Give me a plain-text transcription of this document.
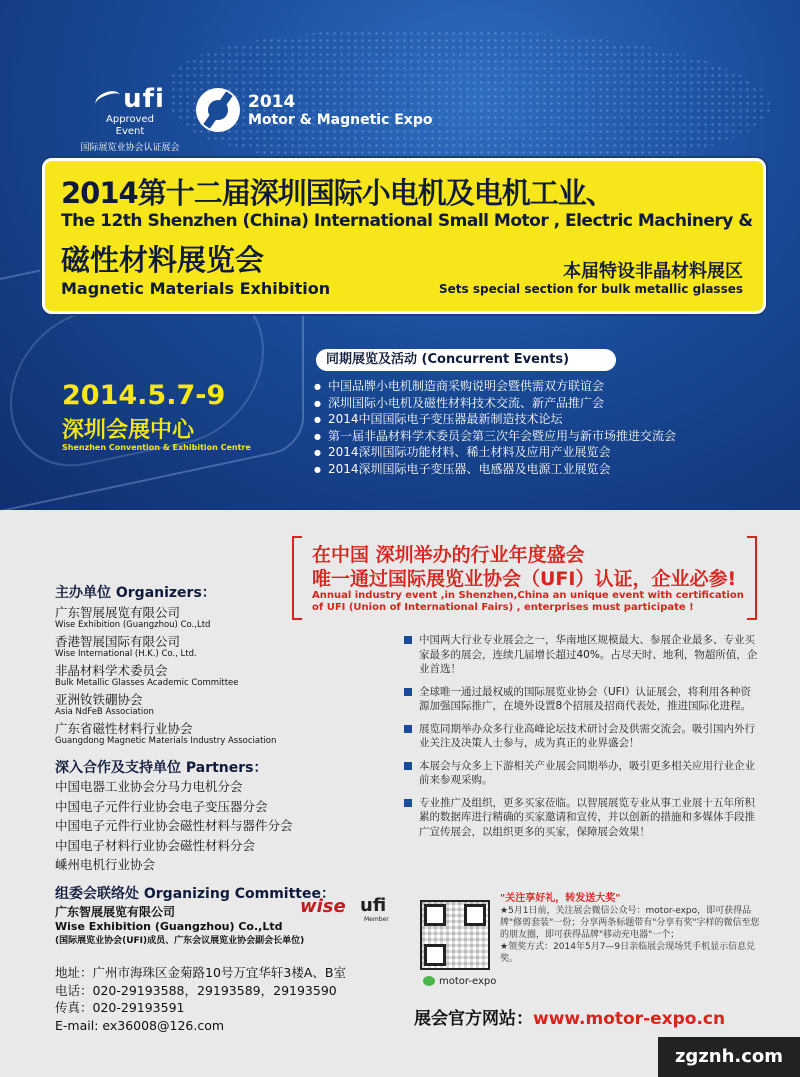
ufi
Approved
Event
国际展览业协会认证展会
2014
Motor & Magnetic Expo
2014第十二届深圳国际小电机及电机工业、
The 12th Shenzhen (China) International Small Motor , Electric Machinery &
磁性材料展览会
Magnetic Materials Exhibition
本届特设非晶材料展区
Sets special section for bulk metallic glasses
2014.5.7-9
深圳会展中心
Shenzhen Convention & Exhibition Centre
同期展览及活动 (Concurrent Events)
● 中国品牌小电机制造商采购说明会暨供需双方联谊会
● 深圳国际小电机及磁性材料技术交流、新产品推广会
● 2014中国国际电子变压器最新制造技术论坛
● 第一届非晶材料学术委员会第三次年会暨应用与新市场推进交流会
● 2014深圳国际功能材料、稀土材料及应用产业展览会
● 2014深圳国际电子变压器、电感器及电源工业展览会
在中国 深圳举办的行业年度盛会
唯一通过国际展览业协会（UFI）认证，企业必参!
Annual industry event ,in Shenzhen,China an unique event with certification
of UFI (Union of International Fairs) , enterprises must participate !
主办单位 Organizers：
广东智展展览有限公司
Wise Exhibition (Guangzhou) Co.,Ltd
香港智展国际有限公司
Wise International (H.K.) Co., Ltd.
非晶材料学术委员会
Bulk Metallic Glasses Academic Committee
亚洲钕铁硼协会
Asia NdFeB Association
广东省磁性材料行业协会
Guangdong Magnetic Materials Industry Association
深入合作及支持单位 Partners：
中国电器工业协会分马力电机分会
中国电子元件行业协会电子变压器分会
中国电子元件行业协会磁性材料与器件分会
中国电子材料行业协会磁性材料分会
嵊州电机行业协会
组委会联络处 Organizing Committee：
广东智展展览有限公司
Wise Exhibition (Guangzhou) Co.,Ltd
(国际展览业协会(UFI)成员、广东会议展览业协会副会长单位)
wise ufi
Member
地址：广州市海珠区金菊路10号万宜华轩3楼A、B室
电话：020-29193588，29193589，29193590
传真：020-29193591
E-mail: ex36008@126.com
中国两大行业专业展会之一，华南地区规模最大、参展企业最多、专业买家最多的展会，连续几届增长超过40%。占尽天时、地利，物超所值，企业首选！
全球唯一通过最权威的国际展览业协会（UFI）认证展会，将利用各种资源加强国际推广，在境外设置8个招展及招商代表处，推进国际化进程。
展览同期举办众多行业高峰论坛技术研讨会及供需交流会。吸引国内外行业关注及决策人士参与，成为真正的业界盛会！
本展会与众多上下游相关产业展会同期举办，吸引更多相关应用行业企业前来参观采购。
专业推广及组织，更多买家莅临。以智展展览专业从事工业展十五年所积累的数据库进行精确的买家邀请和宣传，并以创新的措施和多媒体手段推广宣传展会，以组织更多的买家，保障展会效果！
motor-expo
"关注享好礼，转发送大奖"
★5月1日前，关注展会微信公众号：motor-expo，即可获得品牌"修剪套装"一份；分享两条标题带有"分享有奖"字样的微信至您的朋友圈，即可获得品牌"移动充电器"一个；
★领奖方式：2014年5月7—9日亲临展会现场凭手机显示信息兑奖。
展会官方网站：www.motor-expo.cn
zgznh.com
